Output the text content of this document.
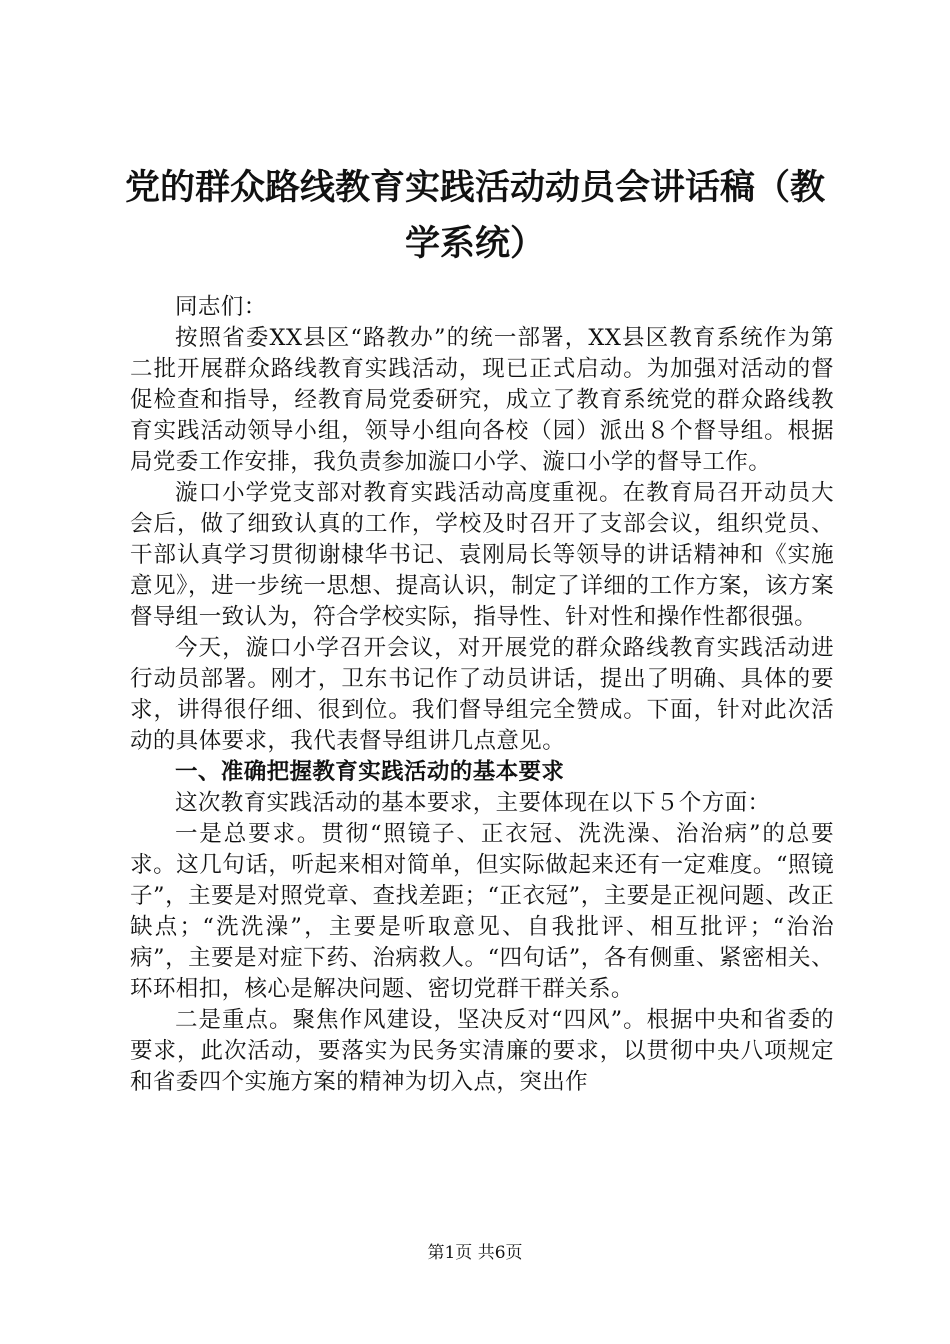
党的群众路线教育实践活动动员会讲话稿（教学系统）

同志们：

按照省委XX县区“路教办”的统一部署，XX县区教育系统作为第二批开展群众路线教育实践活动，现已正式启动。为加强对活动的督促检查和指导，经教育局党委研究，成立了教育系统党的群众路线教育实践活动领导小组，领导小组向各校（园）派出８个督导组。根据局党委工作安排，我负责参加漩口小学、漩口小学的督导工作。

漩口小学党支部对教育实践活动高度重视。在教育局召开动员大会后，做了细致认真的工作，学校及时召开了支部会议，组织党员、干部认真学习贯彻谢棣华书记、袁刚局长等领导的讲话精神和《实施意见》，进一步统一思想、提高认识，制定了详细的工作方案，该方案督导组一致认为，符合学校实际，指导性、针对性和操作性都很强。

今天，漩口小学召开会议，对开展党的群众路线教育实践活动进行动员部署。刚才，卫东书记作了动员讲话，提出了明确、具体的要求，讲得很仔细、很到位。我们督导组完全赞成。下面，针对此次活动的具体要求，我代表督导组讲几点意见。

一、准确把握教育实践活动的基本要求

这次教育实践活动的基本要求，主要体现在以下５个方面：

一是总要求。贯彻“照镜子、正衣冠、洗洗澡、治治病”的总要求。这几句话，听起来相对简单，但实际做起来还有一定难度。“照镜子”，主要是对照党章、查找差距；“正衣冠”，主要是正视问题、改正缺点；“洗洗澡”，主要是听取意见、自我批评、相互批评；“治治病”，主要是对症下药、治病救人。“四句话”，各有侧重、紧密相关、环环相扣，核心是解决问题、密切党群干群关系。

二是重点。聚焦作风建设，坚决反对“四风”。根据中央和省委的要求，此次活动，要落实为民务实清廉的要求，以贯彻中央八项规定和省委四个实施方案的精神为切入点，突出作

第1页 共6页
